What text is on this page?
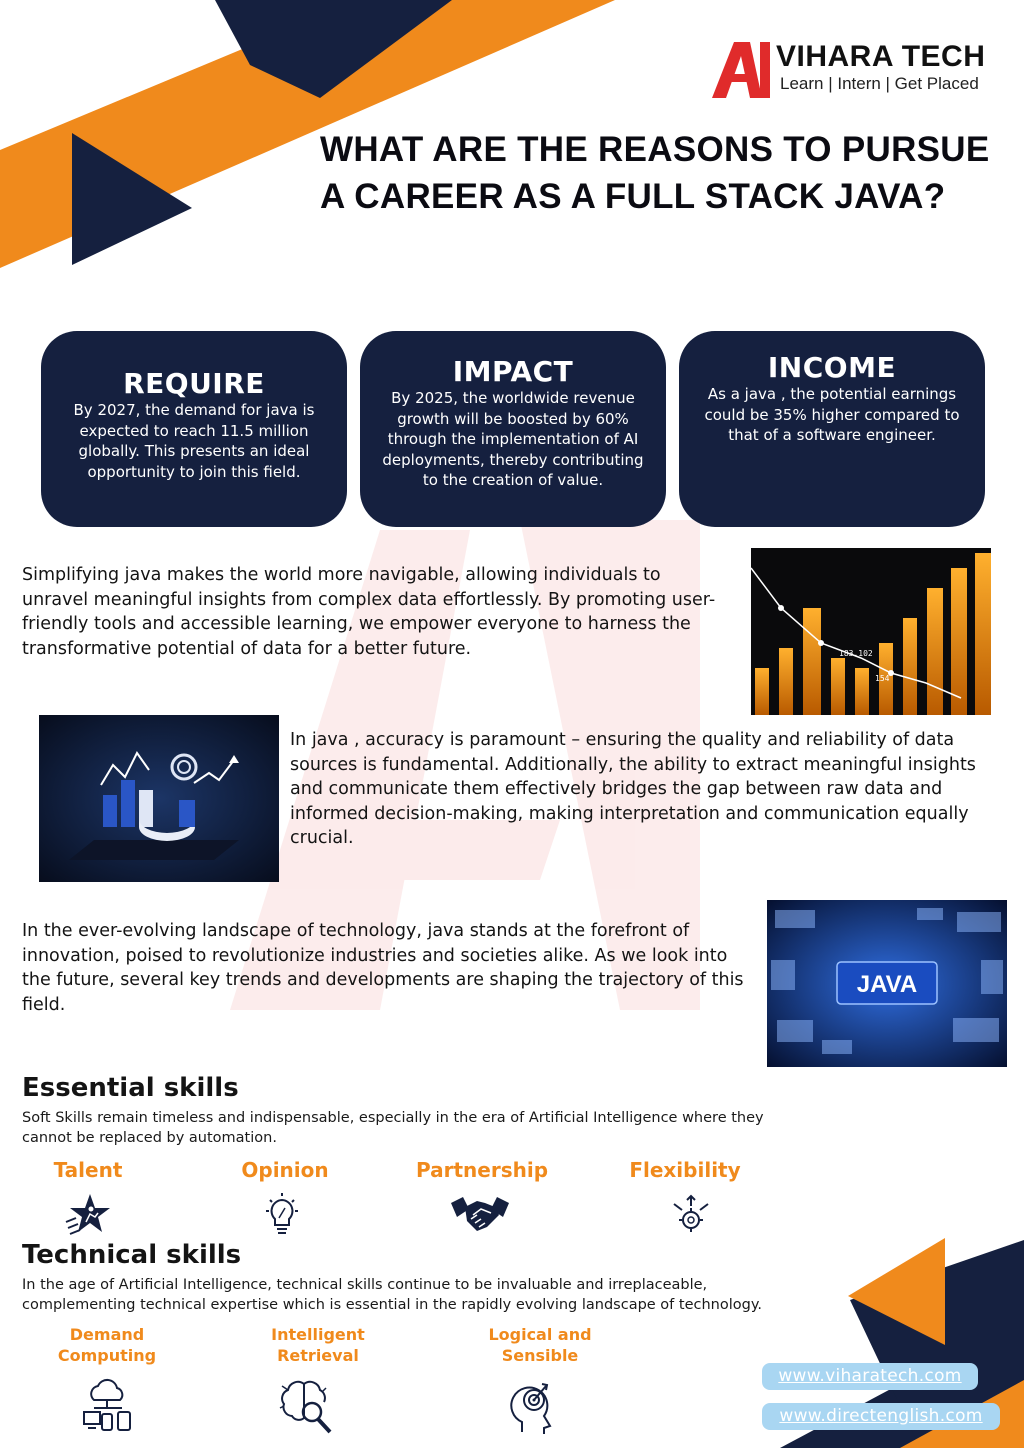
VIHARA TECH
Learn | Intern | Get Placed
WHAT ARE THE REASONS TO PURSUE
A CAREER AS A FULL STACK JAVA?
REQUIRE

By 2027, the demand for java is expected to reach 11.5 million globally. This presents an ideal opportunity to join this field.

IMPACT

By 2025, the worldwide revenue growth will be boosted by 60% through the implementation of AI deployments, thereby contributing to the creation of value.

INCOME

As a java , the potential earnings could be 35% higher compared to that of a software engineer.

Simplifying java makes the world more navigable, allowing individuals to unravel meaningful insights from complex data effortlessly. By promoting user-friendly tools and accessible learning, we empower everyone to harness the transformative potential of data for a better future.	183.102
154
In java , accuracy is paramount – ensuring the quality and reliability of data sources is fundamental. Additionally, the ability to extract meaningful insights and communicate them effectively bridges the gap between raw data and informed decision-making, making interpretation and communication equally crucial.
In the ever-evolving landscape of technology, java stands at the forefront of innovation, poised to revolutionize industries and societies alike. As we look into the future, several key trends and developments are shaping the trajectory of this field.
JAVA
Essential skills
Soft Skills remain timeless and indispensable, especially in the era of Artificial Intelligence where they cannot be replaced by automation.
Talent	Opinion	Partnership	Flexibility
Technical skills
In the age of Artificial Intelligence, technical skills continue to be invaluable and irreplaceable, complementing technical expertise which is essential in the rapidly evolving landscape of technology.
Demand
Computing
Intelligent
Retrieval
Logical and
Sensible
www.viharatech.com
www.directenglish.com
